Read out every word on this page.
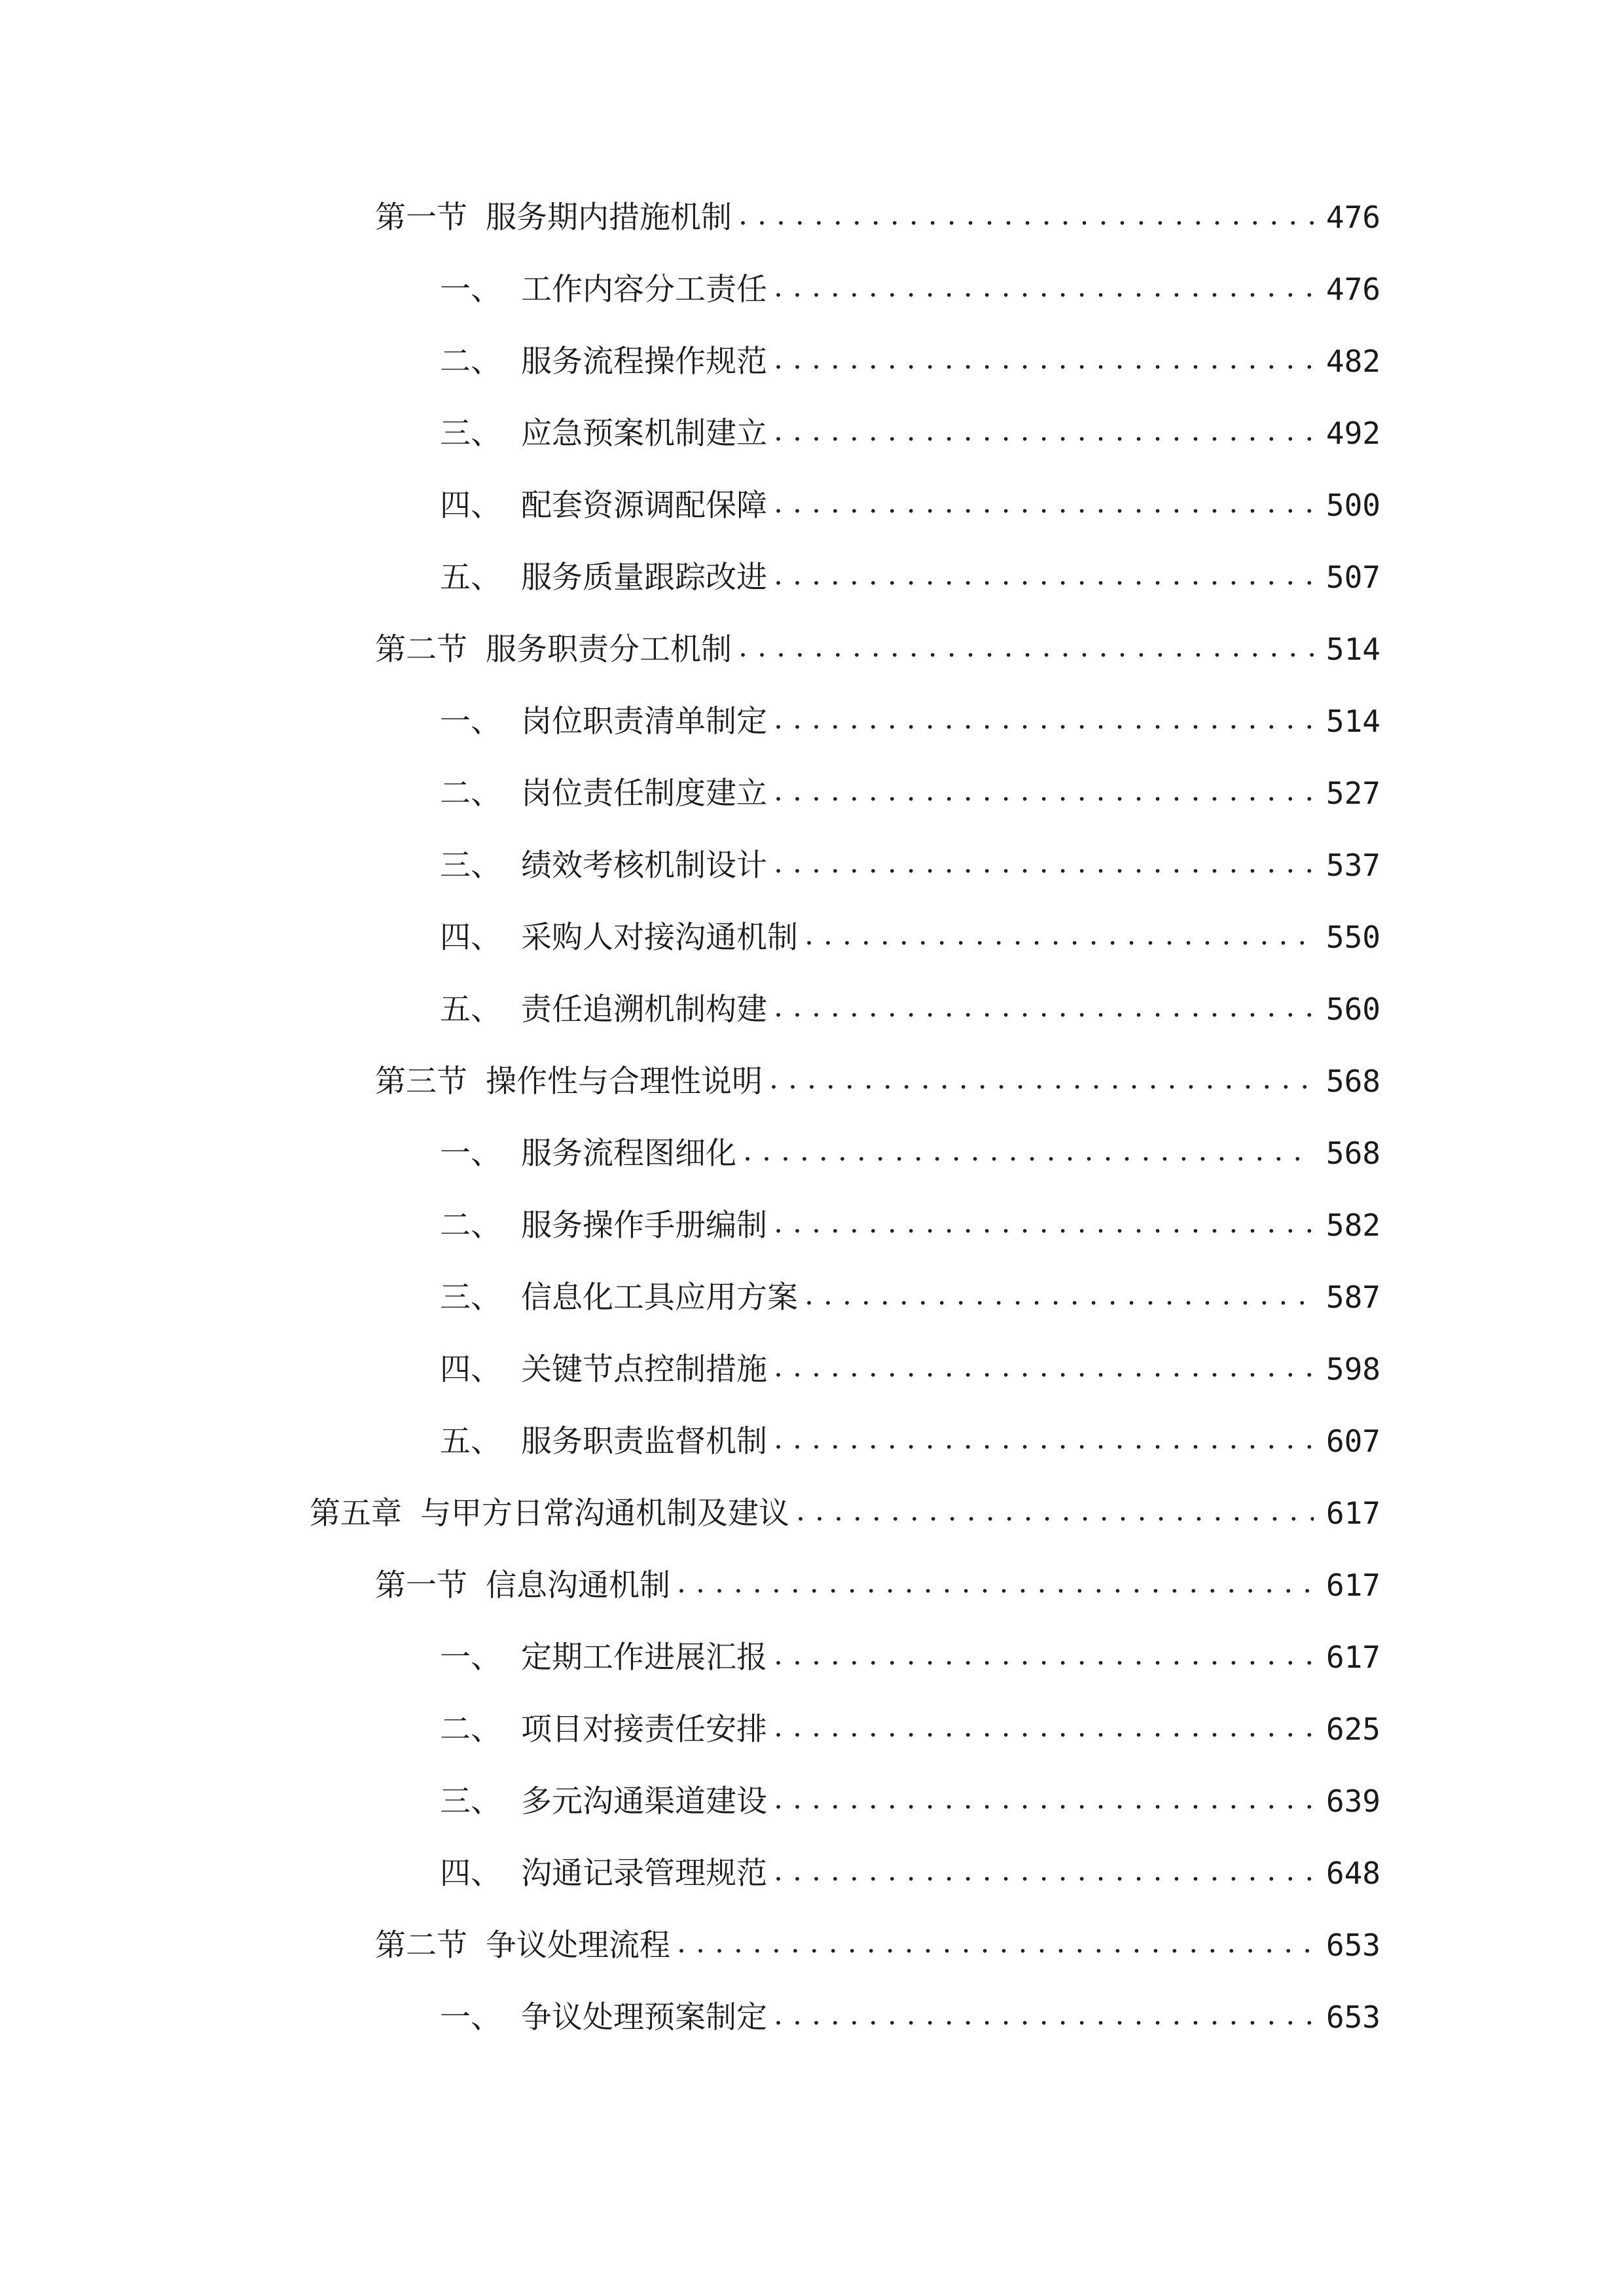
第一节 服务期内措施机制 . . .	476
一、 工作内容分工责任 . . .	476
二、 服务流程操作规范 . . .	482
三、 应急预案机制建立 . . .	492
四、 配套资源调配保障 . . .	500
五、 服务质量跟踪改进 . . .	507
第二节 服务职责分工机制 . . .	514
一、 岗位职责清单制定 . . .	514
二、 岗位责任制度建立 . . .	527
三、 绩效考核机制设计 . . .	537
四、 采购人对接沟通机制 . . .	550
五、 责任追溯机制构建 . . .	560
第三节 操作性与合理性说明 . . .	568
一、 服务流程图细化 . . .	568
二、 服务操作手册编制 . . .	582
三、 信息化工具应用方案 . . .	587
四、 关键节点控制措施 . . .	598
五、 服务职责监督机制 . . .	607
第五章 与甲方日常沟通机制及建议 . . .	617
第一节 信息沟通机制 . . .	617
一、 定期工作进展汇报 . . .	617
二、 项目对接责任安排 . . .	625
三、 多元沟通渠道建设 . . .	639
四、 沟通记录管理规范 . . .	648
第二节 争议处理流程 . . .	653
一、 争议处理预案制定 . . .	653
